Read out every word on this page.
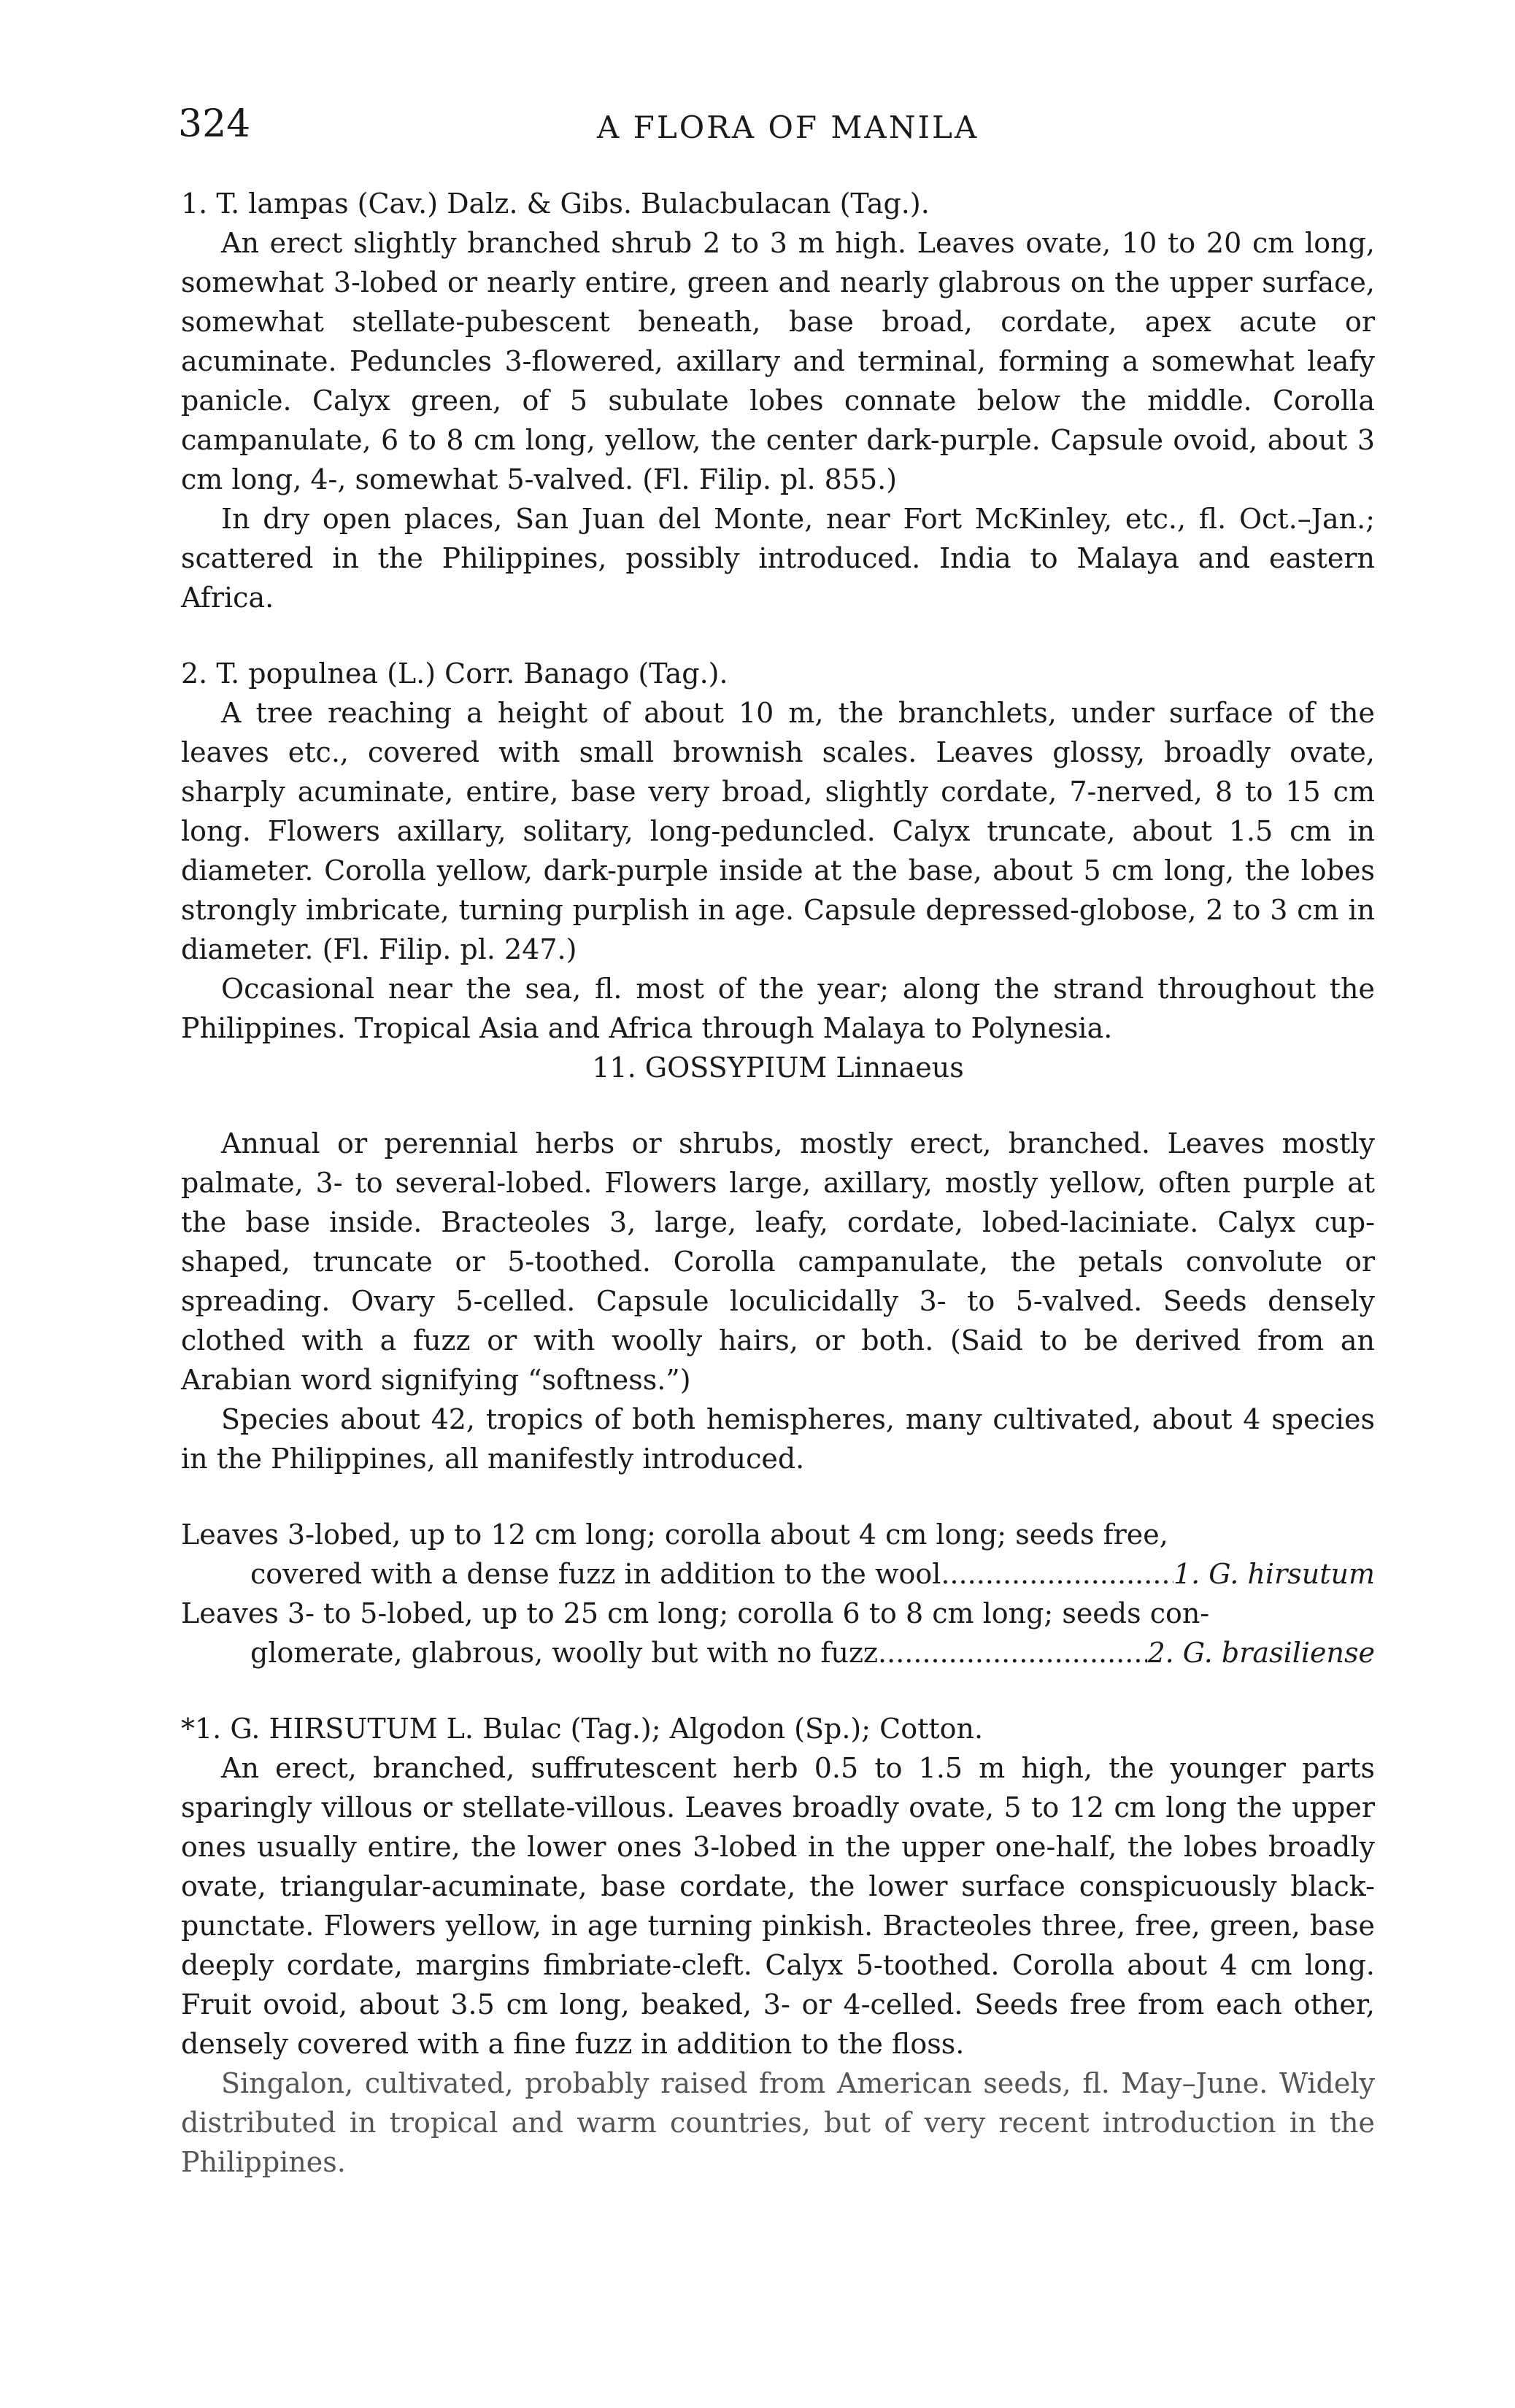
324	A FLORA OF MANILA

1. T. lampas (Cav.) Dalz. & Gibs. Bulacbulacan (Tag.).

An erect slightly branched shrub 2 to 3 m high. Leaves ovate, 10 to 20 cm long, somewhat 3-lobed or nearly entire, green and nearly glabrous on the upper surface, somewhat stellate-pubescent beneath, base broad, cordate, apex acute or acuminate. Peduncles 3-flowered, axillary and terminal, forming a somewhat leafy panicle. Calyx green, of 5 subulate lobes connate below the middle. Corolla campanulate, 6 to 8 cm long, yellow, the center dark-purple. Capsule ovoid, about 3 cm long, 4-, somewhat 5-valved. (Fl. Filip. pl. 855.)

In dry open places, San Juan del Monte, near Fort McKinley, etc., fl. Oct.–Jan.; scattered in the Philippines, possibly introduced. India to Malaya and eastern Africa.

2. T. populnea (L.) Corr. Banago (Tag.).

A tree reaching a height of about 10 m, the branchlets, under surface of the leaves etc., covered with small brownish scales. Leaves glossy, broadly ovate, sharply acuminate, entire, base very broad, slightly cordate, 7-nerved, 8 to 15 cm long. Flowers axillary, solitary, long-peduncled. Calyx truncate, about 1.5 cm in diameter. Corolla yellow, dark-purple inside at the base, about 5 cm long, the lobes strongly imbricate, turning purplish in age. Capsule depressed-globose, 2 to 3 cm in diameter. (Fl. Filip. pl. 247.)

Occasional near the sea, fl. most of the year; along the strand throughout the Philippines. Tropical Asia and Africa through Malaya to Polynesia.

11. GOSSYPIUM Linnaeus

Annual or perennial herbs or shrubs, mostly erect, branched. Leaves mostly palmate, 3- to several-lobed. Flowers large, axillary, mostly yellow, often purple at the base inside. Bracteoles 3, large, leafy, cordate, lobed-laciniate. Calyx cup-shaped, truncate or 5-toothed. Corolla campanulate, the petals convolute or spreading. Ovary 5-celled. Capsule loculicidally 3- to 5-valved. Seeds densely clothed with a fuzz or with woolly hairs, or both. (Said to be derived from an Arabian word signifying “softness.”)

Species about 42, tropics of both hemispheres, many cultivated, about 4 species in the Philippines, all manifestly introduced.

Leaves 3-lobed, up to 12 cm long; corolla about 4 cm long; seeds free,

covered with a dense fuzz in addition to the wool .....	1. G. hirsutum

Leaves 3- to 5-lobed, up to 25 cm long; corolla 6 to 8 cm long; seeds con-

glomerate, glabrous, woolly but with no fuzz .....	2. G. brasiliense

*1. G. HIRSUTUM L. Bulac (Tag.); Algodon (Sp.); Cotton.

An erect, branched, suffrutescent herb 0.5 to 1.5 m high, the younger parts sparingly villous or stellate-villous. Leaves broadly ovate, 5 to 12 cm long the upper ones usually entire, the lower ones 3-lobed in the upper one-half, the lobes broadly ovate, triangular-acuminate, base cordate, the lower surface conspicuously black-punctate. Flowers yellow, in age turning pinkish. Bracteoles three, free, green, base deeply cordate, margins fimbriate-cleft. Calyx 5-toothed. Corolla about 4 cm long. Fruit ovoid, about 3.5 cm long, beaked, 3- or 4-celled. Seeds free from each other, densely covered with a fine fuzz in addition to the floss.

Singalon, cultivated, probably raised from American seeds, fl. May–June. Widely distributed in tropical and warm countries, but of very recent introduction in the Philippines.
